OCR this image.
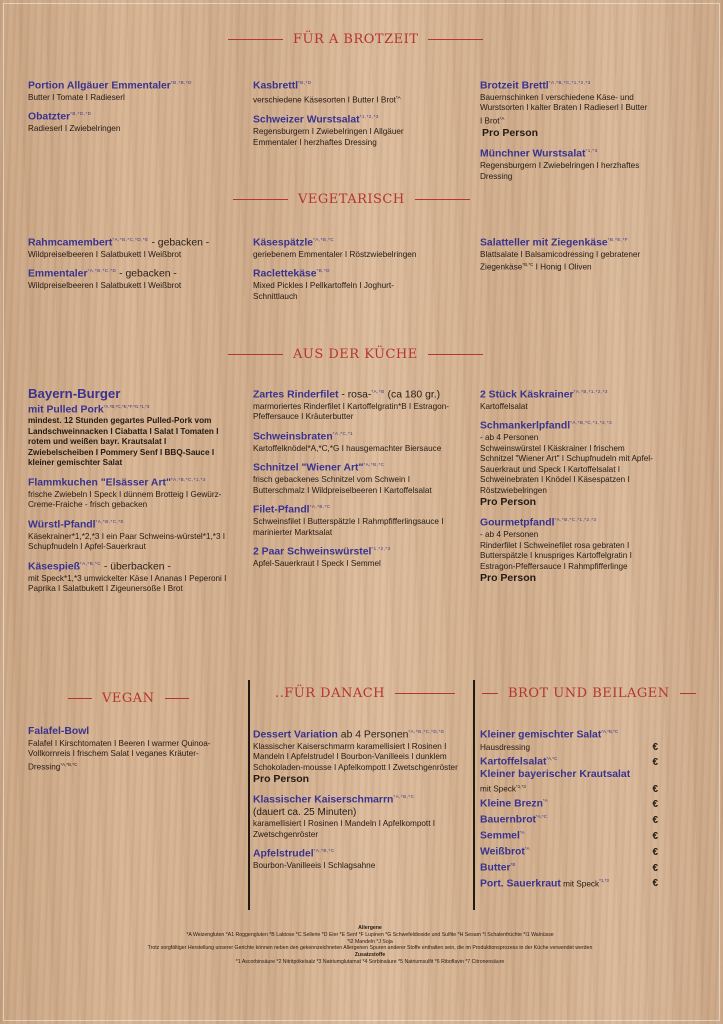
FÜR A BROTZEIT
VEGETARISCH
AUS DER KÜCHE
VEGAN	..FÜR DANACH	BROT UND BEILAGEN
Portion Allgäuer Emmentaler$^{*B,*B,*D}$
Butter I Tomate I Radieserl
Obatzter$^{*B,*D,*D}$
Radieserl I Zwiebelringen
Kasbrettl$^{*B,*D}$
verschiedene Käsesorten I Butter I Brot$^{*A}$
Schweizer Wurstsalat$^{*1,*2,*3}$
Regensburgern I Zwiebelringen I Allgäuer Emmentaler I herzhaftes Dressing
Brotzeit Brettl$^{*A,*B,*C,*1,*2,*3}$
Bauernschinken I verschiedene Käse- und Wurstsorten I kalter Braten I Radieserl I Butter I Brot$^{*A}$
Pro Person
Münchner Wurstsalat$^{*1,*3}$
Regensburgern I Zwiebelringen I herzhaftes Dressing
Rahmcamembert$^{*A,*B,*C,*D,*E}$ - gebacken -
Wildpreiselbeeren I Salatbukett I Weißbrot
Emmentaler$^{*A,*B,*C,*D}$ - gebacken -
Wildpreiselbeeren I Salatbukett I Weißbrot
Käsespätzle$^{*A,*B,*C}$
geriebenem Emmentaler I Röstzwiebelringen
Raclettekäse$^{*B,*D}$
Mixed Pickles I Pellkartoffeln I Joghurt-Schnittlauch
Salatteller mit Ziegenkäse$^{*B,*E,*F}$
Blattsalate I Balsamicodressing I gebratener Ziegenkäse$^{*B,*C}$ I Honig I Oliven
Bayern-Burger
mit Pulled Pork$^{*A,*B,*C,*E,*F,*G,*1,*3}$
mindest. 12 Stunden gegartes Pulled-Pork vom Landschweinnacken I Ciabatta I Salat I Tomaten I rotem und weißen bayr. Krautsalat I Zwiebelscheiben I Pommery Senf I BBQ-Sauce I kleiner gemischter Salat
Flammkuchen "Elsässer Art"$^{*A,*B,*C,*1,*3}$
frische Zwiebeln I Speck I dünnem Brotteig I Gewürz-Creme-Fraiche - frisch gebacken
Würstl-Pfandl$^{*A,*B,*C,*E}$
Käsekrainer*1,*2,*3 I ein Paar Schweins-würstel*1,*3 I Schupfnudeln I Apfel-Sauerkraut
Käsespieß$^{*A,*B,*C}$ - überbacken -
mit Speck*1,*3 umwickelter Käse I Ananas I Peperoni I Paprika I Salatbukett I Zigeunersoße I Brot
Zartes Rinderfilet - rosa-$^{*A,*B}$ (ca 180 gr.)
marmoriertes Rinderfilet I Kartoffelgratin*B I Estragon-Pfeffersauce I Kräuterbutter
Schweinsbraten$^{*A,*C,*1}$
Kartoffelknödel*A,*C,*G I hausgemachter Biersauce
Schnitzel "Wiener Art"$^{*A,*B,*C}$
frisch gebackenes Schnitzel vom Schwein I Butterschmalz I Wildpreiselbeeren I Kartoffelsalat
Filet-Pfandl$^{*A,*B,*C}$
Schweinsfilet I Butterspätzle I Rahmpfifferlingsauce I marinierter Marktsalat
2 Paar Schweinswürstel$^{*1,*2,*3}$
Apfel-Sauerkraut I Speck I Semmel
2 Stück Käskrainer$^{*A,*B,*1,*2,*3}$
Kartoffelsalat
Schmankerlpfandl$^{*A,*B,*C,*1,*2,*3}$
- ab 4 Personen
Schweinswürstel I Käskrainer I frischem Schnitzel "Wiener Art" I Schupfnudeln mit Apfel-Sauerkraut und Speck I Kartoffelsalat I Schweinebraten I Knödel I Käsespatzen I Röstzwiebelringen
Pro Person
Gourmetpfandl$^{*A,*B,*C,*1,*2,*3}$
- ab 4 Personen
Rinderfilet I Schweinefilet rosa gebraten I Butterspätzle I knuspriges Kartoffelgratin I Estragon-Pfeffersauce I Rahmpfifferlinge
Pro Person
Falafel-Bowl
Falafel I Kirschtomaten I Beeren I warmer Quinoa-Vollkornreis I frischem Salat I veganes Kräuter-Dressing$^{*A,*B,*C}$
Dessert Variation ab 4 Personen$^{*A,*B,*C,*D,*E}$
Klassischer Kaiserschmarrn karamellisiert I Rosinen I Mandeln I Apfelstrudel I Bourbon-Vanilleeis I dunklem Schokoladen-mousse I Apfelkompott I Zwetschgenröster
Pro Person
Klassischer Kaiserschmarrn$^{*A,*B,*C}$
(dauert ca. 25 Minuten)
karamellisiert I Rosinen I Mandeln I Apfelkompott I Zwetschgenröster
Apfelstrudel$^{*A,*B,*C}$
Bourbon-Vanilleeis I Schlagsahne
Kleiner gemischter Salat$^{*A,*B,*C}$
Hausdressing	€
Kartoffelsalat$^{*A,*C}$	€
Kleiner bayerischer Krautsalat
mit Speck$^{*1,*3}$	€
Kleine Brezn$^{*A}$	€
Bauernbrot$^{*A,*C}$	€
Semmel$^{*A}$	€
Weißbrot$^{*A}$	€
Butter$^{*B}$	€
Port. Sauerkraut mit Speck$^{*1,*3}$	€
Allergene
*A Weizengluten *A1 Roggengluten *B Laktose *C Sellerie *D Eier *E Senf *F Lupinen *G Schwefeldioxide und Sulfite *H Sesam *I Schalenfrüchte *I1 Walnüsse
*I2 Mandeln *J Soja
Trotz sorgfältiger Herstellung unserer Gerichte können neben den gekennzeichneten Allergenen Spuren anderer Stoffe enthalten sein, die im Produktionsprozess in der Küche verwendet werden
Zusatzstoffe
*1 Ascorbinsäure *2 Nitritpökelsalz *3 Natriumglutamat *4 Sorbinsäure *5 Natriumsulfit *6 Riboflavin *7 Citronensäure
